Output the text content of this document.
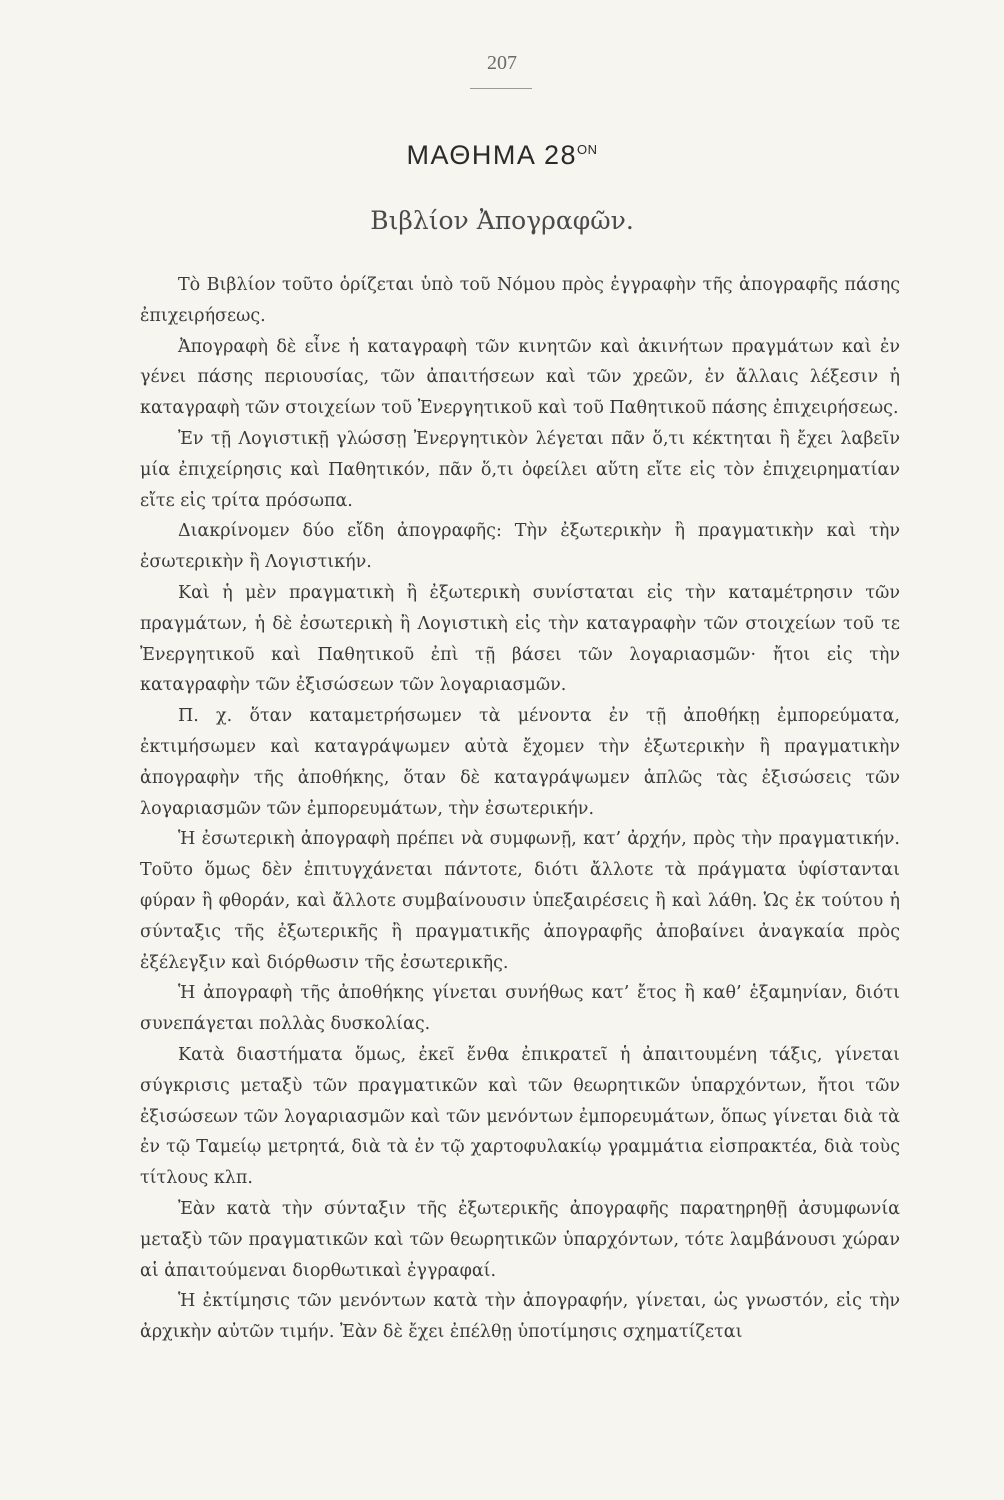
207
ΜΑΘΗΜΑ $28^{ON}$
Βιβλίον Ἀπογραφῶν.

Τὸ Βιβλίον τοῦτο ὁρίζεται ὑπὸ τοῦ Νόμου πρὸς ἐγγραφὴν τῆς ἀπογραφῆς πάσης ἐπιχειρήσεως.

Ἀπογραφὴ δὲ εἶνε ἡ καταγραφὴ τῶν κινητῶν καὶ ἀκινήτων πραγμάτων καὶ ἐν γένει πάσης περιουσίας, τῶν ἀπαιτήσεων καὶ τῶν χρεῶν, ἐν ἄλλαις λέξεσιν ἡ καταγραφὴ τῶν στοιχείων τοῦ Ἐνεργητικοῦ καὶ τοῦ Παθητικοῦ πάσης ἐπιχειρήσεως.

Ἐν τῇ Λογιστικῇ γλώσσῃ Ἐνεργητικὸν λέγεται πᾶν ὅ,τι κέκτηται ἢ ἔχει λαβεῖν μία ἐπιχείρησις καὶ Παθητικόν, πᾶν ὅ,τι ὀφείλει αὕτη εἴτε εἰς τὸν ἐπιχειρηματίαν εἴτε εἰς τρίτα πρόσωπα.

Διακρίνομεν δύο εἴδη ἀπογραφῆς: Τὴν ἐξωτερικὴν ἢ πραγματικὴν καὶ τὴν ἐσωτερικὴν ἢ Λογιστικήν.

Καὶ ἡ μὲν πραγματικὴ ἢ ἐξωτερικὴ συνίσταται εἰς τὴν καταμέτρησιν τῶν πραγμάτων, ἡ δὲ ἐσωτερικὴ ἢ Λογιστικὴ εἰς τὴν καταγραφὴν τῶν στοιχείων τοῦ τε Ἐνεργητικοῦ καὶ Παθητικοῦ ἐπὶ τῇ βάσει τῶν λογαριασμῶν· ἤτοι εἰς τὴν καταγραφὴν τῶν ἐξισώσεων τῶν λογαριασμῶν.

Π. χ. ὅταν καταμετρήσωμεν τὰ μένοντα ἐν τῇ ἀποθήκῃ ἐμπορεύματα, ἐκτιμήσωμεν καὶ καταγράψωμεν αὐτὰ ἔχομεν τὴν ἐξωτερικὴν ἢ πραγματικὴν ἀπογραφὴν τῆς ἀποθήκης, ὅταν δὲ καταγράψωμεν ἁπλῶς τὰς ἐξισώσεις τῶν λογαριασμῶν τῶν ἐμπορευμάτων, τὴν ἐσωτερικήν.

Ἡ ἐσωτερικὴ ἀπογραφὴ πρέπει νὰ συμφωνῇ, κατ’ ἀρχήν, πρὸς τὴν πραγματικήν. Τοῦτο ὅμως δὲν ἐπιτυγχάνεται πάντοτε, διότι ἄλλοτε τὰ πράγματα ὑφίστανται φύραν ἢ φθοράν, καὶ ἄλλοτε συμβαίνουσιν ὑπεξαιρέσεις ἢ καὶ λάθη. Ὡς ἐκ τούτου ἡ σύνταξις τῆς ἐξωτερικῆς ἢ πραγματικῆς ἀπογραφῆς ἀποβαίνει ἀναγκαία πρὸς ἐξέλεγξιν καὶ διόρθωσιν τῆς ἐσωτερικῆς.

Ἡ ἀπογραφὴ τῆς ἀποθήκης γίνεται συνήθως κατ’ ἔτος ἢ καθ’ ἑξαμηνίαν, διότι συνεπάγεται πολλὰς δυσκολίας.

Κατὰ διαστήματα ὅμως, ἐκεῖ ἔνθα ἐπικρατεῖ ἡ ἀπαιτουμένη τάξις, γίνεται σύγκρισις μεταξὺ τῶν πραγματικῶν καὶ τῶν θεωρητικῶν ὑπαρχόντων, ἤτοι τῶν ἐξισώσεων τῶν λογαριασμῶν καὶ τῶν μενόντων ἐμπορευμάτων, ὅπως γίνεται διὰ τὰ ἐν τῷ Ταμείῳ μετρητά, διὰ τὰ ἐν τῷ χαρτοφυλακίῳ γραμμάτια εἰσπρακτέα, διὰ τοὺς τίτλους κλπ.

Ἐὰν κατὰ τὴν σύνταξιν τῆς ἐξωτερικῆς ἀπογραφῆς παρατηρηθῇ ἀσυμφωνία μεταξὺ τῶν πραγματικῶν καὶ τῶν θεωρητικῶν ὑπαρχόντων, τότε λαμβάνουσι χώραν αἱ ἀπαιτούμεναι διορθωτικαὶ ἐγγραφαί.

Ἡ ἐκτίμησις τῶν μενόντων κατὰ τὴν ἀπογραφήν, γίνεται, ὡς γνωστόν, εἰς τὴν ἀρχικὴν αὐτῶν τιμήν. Ἐὰν δὲ ἔχει ἐπέλθῃ ὑποτίμησις σχηματίζεται
